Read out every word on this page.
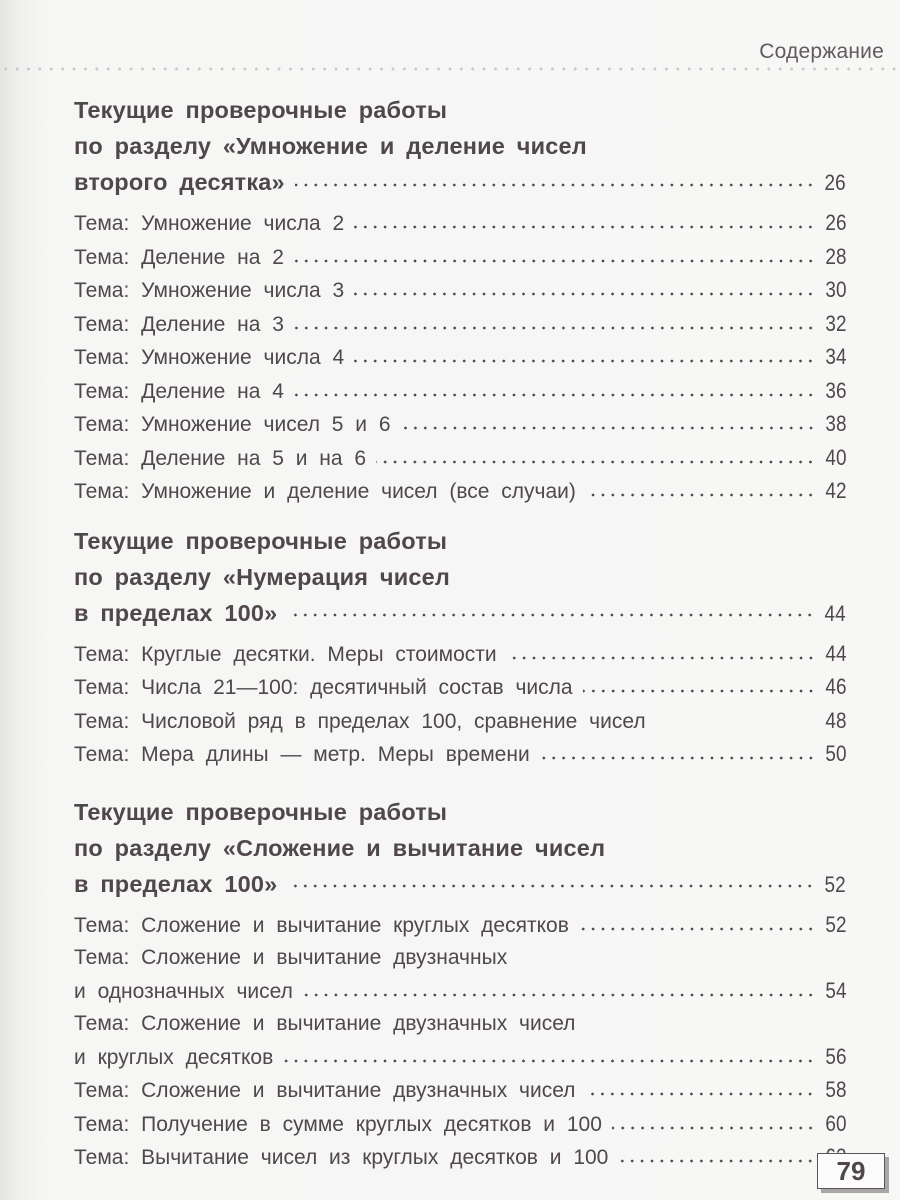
Содержание
Текущие проверочные работы
по разделу «Умножение и деление чисел
второго десятка»	26
Тема: Умножение числа 2	26
Тема: Деление на 2	28
Тема: Умножение числа 3	30
Тема: Деление на 3	32
Тема: Умножение числа 4	34
Тема: Деление на 4	36
Тема: Умножение чисел 5 и 6	38
Тема: Деление на 5 и на 6	40
Тема: Умножение и деление чисел (все случаи)	42
Текущие проверочные работы
по разделу «Нумерация чисел
в пределах 100»	44
Тема: Круглые десятки. Меры стоимости	44
Тема: Числа 21—100: десятичный состав числа	46
Тема: Числовой ряд в пределах 100, сравнение чисел	48
Тема: Мера длины — метр. Меры времени	50
Текущие проверочные работы
по разделу «Сложение и вычитание чисел
в пределах 100»	52
Тема: Сложение и вычитание круглых десятков	52
Тема: Сложение и вычитание двузначных
и однозначных чисел	54
Тема: Сложение и вычитание двузначных чисел
и круглых десятков	56
Тема: Сложение и вычитание двузначных чисел	58
Тема: Получение в сумме круглых десятков и 100	60
Тема: Вычитание чисел из круглых десятков и 100	79
